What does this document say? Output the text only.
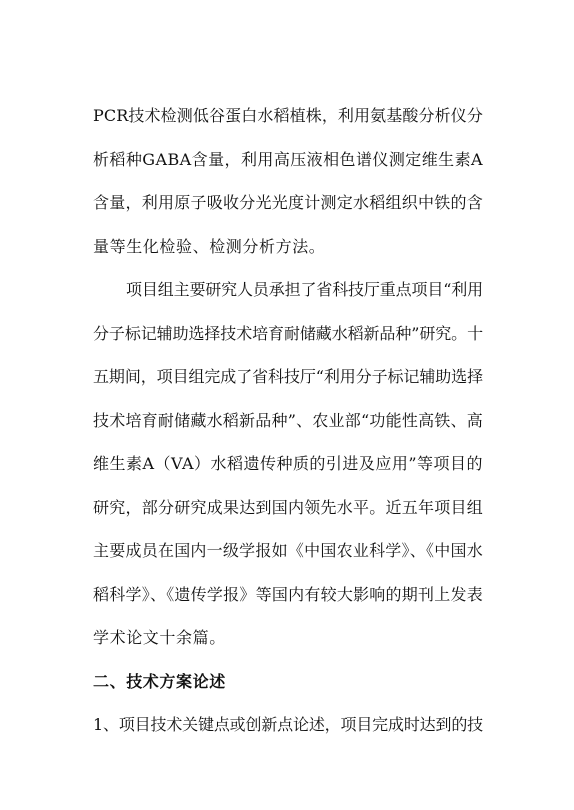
PCR技术检测低谷蛋白水稻植株，利用氨基酸分析仪分
析稻种GABA含量，利用高压液相色谱仪测定维生素A
含量，利用原子吸收分光光度计测定水稻组织中铁的含
量等生化检验、检测分析方法。
项目组主要研究人员承担了省科技厅重点项目“利用
分子标记辅助选择技术培育耐储藏水稻新品种”研究。十
五期间，项目组完成了省科技厅“利用分子标记辅助选择
技术培育耐储藏水稻新品种”、农业部“功能性高铁、高
维生素A（VA）水稻遗传种质的引进及应用”等项目的
研究，部分研究成果达到国内领先水平。近五年项目组
主要成员在国内一级学报如《中国农业科学》、《中国水
稻科学》、《遗传学报》等国内有较大影响的期刊上发表
学术论文十余篇。
二、技术方案论述
1、项目技术关键点或创新点论述，项目完成时达到的技
